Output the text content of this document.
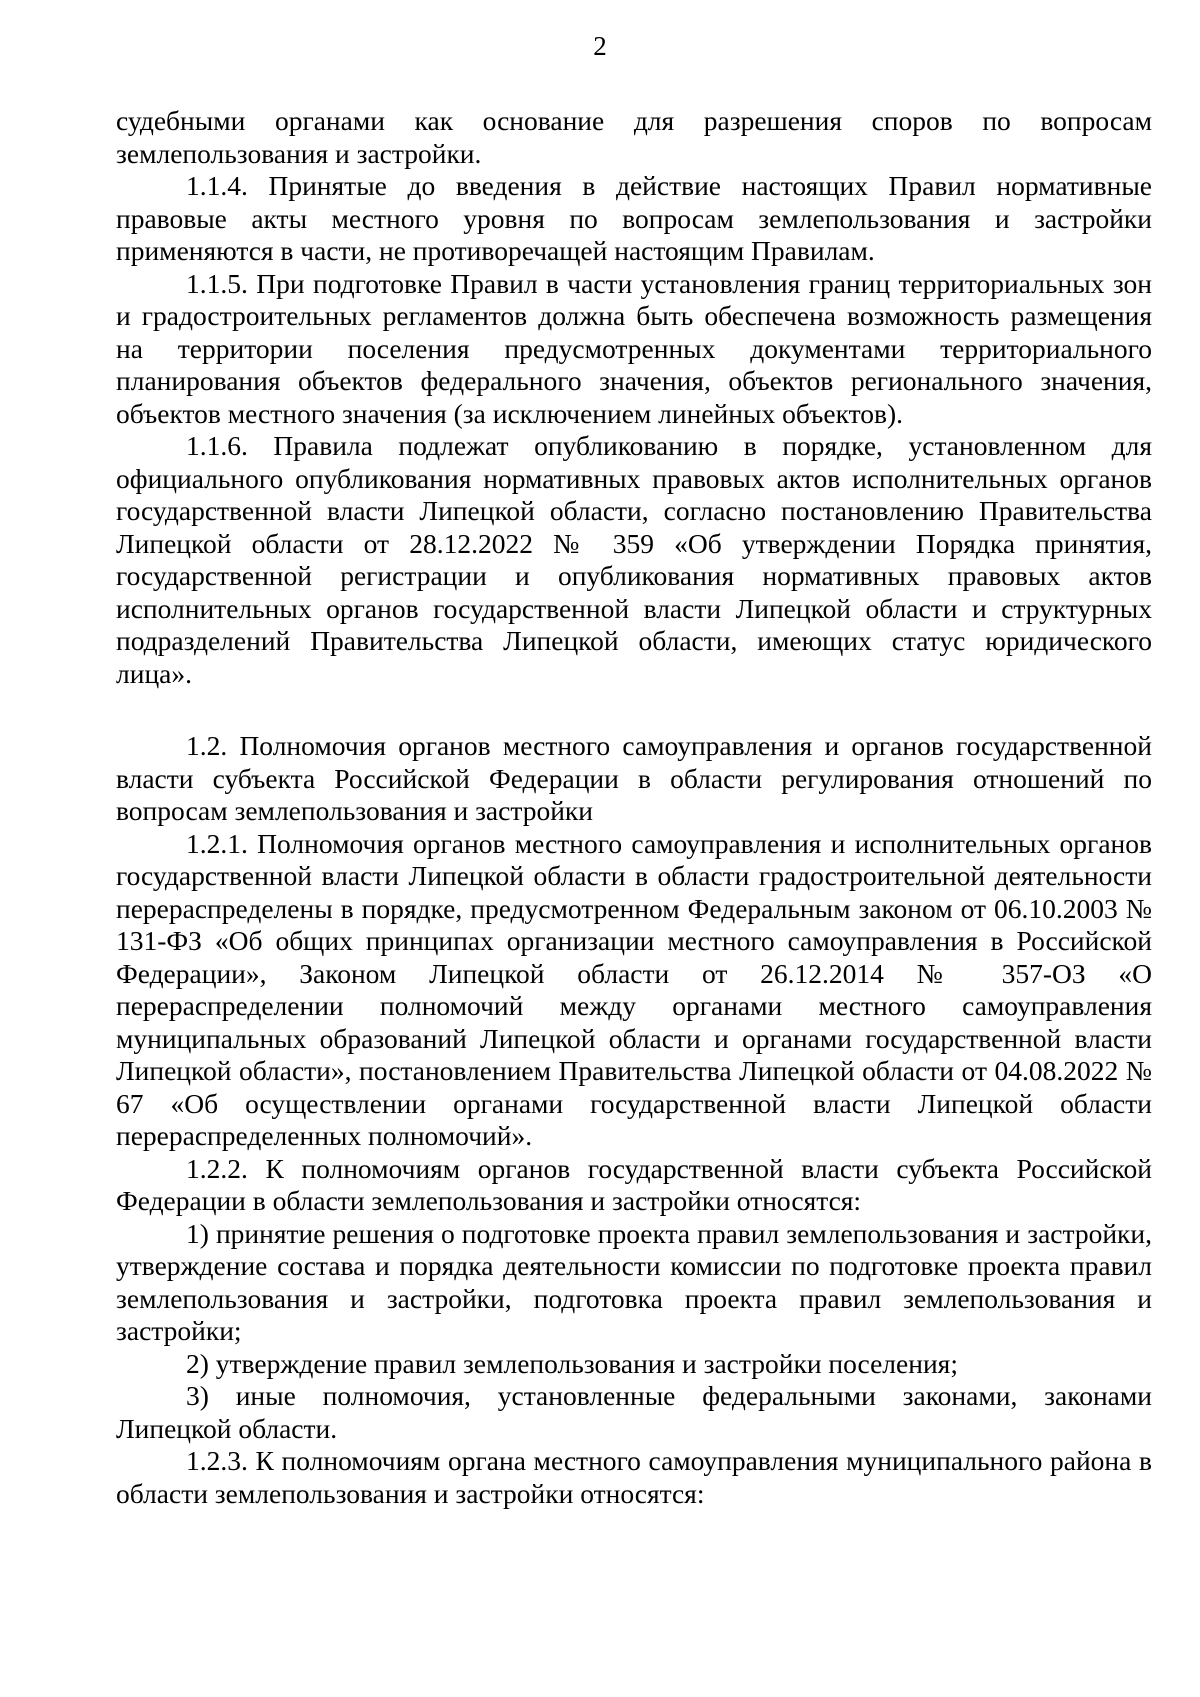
2

судебными органами как основание для разрешения споров по вопросам землепользования и застройки.

1.1.4. Принятые до введения в действие настоящих Правил нормативные правовые акты местного уровня по вопросам землепользования и застройки применяются в части, не противоречащей настоящим Правилам.

1.1.5. При подготовке Правил в части установления границ территориальных зон и градостроительных регламентов должна быть обеспечена возможность размещения на территории поселения предусмотренных документами территориального планирования объектов федерального значения, объектов регионального значения, объектов местного значения (за исключением линейных объектов).

1.1.6. Правила подлежат опубликованию в порядке, установленном для официального опубликования нормативных правовых актов исполнительных органов государственной власти Липецкой области, согласно постановлению Правительства Липецкой области от 28.12.2022 № 359 «Об утверждении Порядка принятия, государственной регистрации и опубликования нормативных правовых актов исполнительных органов государственной власти Липецкой области и структурных подразделений Правительства Липецкой области, имеющих статус юридического лица».

1.2. Полномочия органов местного самоуправления и органов государственной власти субъекта Российской Федерации в области регулирования отношений по вопросам землепользования и застройки

1.2.1. Полномочия органов местного самоуправления и исполнительных органов государственной власти Липецкой области в области градостроительной деятельности перераспределены в порядке, предусмотренном Федеральным законом от 06.10.2003 № 131-ФЗ «Об общих принципах организации местного самоуправления в Российской Федерации», Законом Липецкой области от 26.12.2014 № 357-ОЗ «О перераспределении полномочий между органами местного самоуправления муниципальных образований Липецкой области и органами государственной власти Липецкой области», постановлением Правительства Липецкой области от 04.08.2022 № 67 «Об осуществлении органами государственной власти Липецкой области перераспределенных полномочий».

1.2.2. К полномочиям органов государственной власти субъекта Российской Федерации в области землепользования и застройки относятся:

1) принятие решения о подготовке проекта правил землепользования и застройки, утверждение состава и порядка деятельности комиссии по подготовке проекта правил землепользования и застройки, подготовка проекта правил землепользования и застройки;

2) утверждение правил землепользования и застройки поселения;

3) иные полномочия, установленные федеральными законами, законами Липецкой области.

1.2.3. К полномочиям органа местного самоуправления муниципального района в области землепользования и застройки относятся:
